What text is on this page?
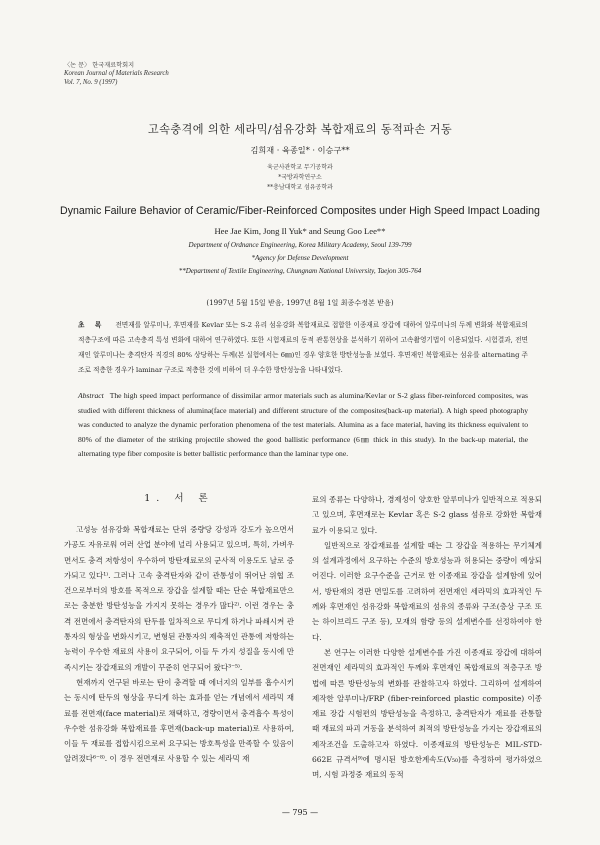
〈논 문〉 한국재료학회지
Korean Journal of Materials Research
Vol. 7, No. 9 (1997)
고속충격에 의한 세라믹/섬유강화 복합재료의 동적파손 거동
김희재 · 육종일* · 이승구**
육군사관학교 무기공학과
*국방과학연구소
**충남대학교 섬유공학과
Dynamic Failure Behavior of Ceramic/Fiber-Reinforced Composites under High Speed Impact Loading
Hee Jae Kim, Jong Il Yuk* and Seung Goo Lee**
Department of Ordnance Engineering, Korea Military Academy, Seoul 139-799
*Agency for Defense Development
**Department of Textile Engineering, Chungnam National University, Taejon 305-764
(1997년 5월 15일 받음, 1997년 8월 1일 최종수정본 받음)
초 록 전면재를 알루미나, 후면재를 Kevlar 또는 S-2 유리 섬유강화 복합재료로 접합한 이종재료 장갑에 대하여 알루미나의 두께 변화와 복합재료의 적층구조에 따른 고속충격 특성 변화에 대하여 연구하였다. 또한 시험재료의 동적 관통현상을 분석하기 위하여 고속촬영기법이 이용되었다. 시험결과, 전면재인 알루미나는 충격탄자 직경의 80% 상당하는 두께(본 실험에서는 6㎜)인 경우 양호한 방탄성능을 보였다. 후면재인 복합재료는 섬유를 alternating 주조로 적층한 경우가 laminar 구조로 적층한 것에 비하여 더 우수한 방탄성능을 나타내었다.
Abstract The high speed impact performance of dissimilar armor materials such as alumina/Kevlar or S-2 glass fiber-reinforced composites, was studied with different thickness of alumina(face material) and different structure of the composites(back-up material). A high speed photography was conducted to analyze the dynamic perforation phenomena of the test materials. Alumina as a face material, having its thickness equivalent to 80% of the diameter of the striking projectile showed the good ballistic performance (6㎜ thick in this study). In the back-up material, the alternating type fiber composite is better ballistic performance than the laminar type one.
1. 서 론

고성능 섬유강화 복합재료는 단위 중량당 강성과 강도가 높으면서 가공도 자유로워 여러 산업 분야에 널리 사용되고 있으며, 특히, 가벼우면서도 충격 저항성이 우수하여 방탄재료로의 군사적 이용도도 날로 증가되고 있다¹⁾. 그러나 고속 충격탄자와 같이 관통성이 뛰어난 위협 조건으로부터의 방호를 목적으로 장갑을 설계할 때는 단순 복합재료만으로는 충분한 방탄성능을 가지지 못하는 경우가 많다²⁾. 이런 경우는 충격 전면에서 충격탄자의 탄두를 일차적으로 무디게 하거나 파쇄시켜 관통자의 형상을 변화시키고, 변형된 관통자의 제축적인 관통에 저항하는 능력이 우수한 재료의 사용이 요구되어, 이들 두 가지 성질을 동시에 만족시키는 장갑재료의 개발이 꾸준히 연구되어 왔다³⁻⁵⁾.

현재까지 연구된 바로는 탄이 충격할 때 에너지의 일부를 흡수시키는 동시에 탄두의 형상을 무디게 하는 효과를 얻는 개념에서 세라믹 재료를 전면재(face material)로 채택하고, 경량이면서 충격흡수 특성이 우수한 섬유강화 복합재료를 후면재(back-up material)로 사용하여, 이들 두 재료를 접합시킴으로써 요구되는 방호특성을 만족할 수 있음이 알려졌다⁶⁻⁸⁾. 이 경우 전면재로 사용할 수 있는 세라믹 재

료의 종류는 다양하나, 경제성이 양호한 알루미나가 일반적으로 적용되고 있으며, 후면재로는 Kevlar 혹은 S-2 glass 섬유로 강화한 복합재료가 이용되고 있다.

일반적으로 장갑재료를 설계할 때는 그 장갑을 적용하는 무기체계의 설계과정에서 요구하는 수준의 방호성능과 허용되는 중량이 예상되어진다. 이러한 요구수준을 근거로 한 이종재료 장갑을 설계함에 있어서, 방탄재의 경판 면밀도를 고려하여 전면재인 세라믹의 효과적인 두께와 후면재인 섬유강화 복합재료의 섬유의 종류와 구조(층상 구조 또는 하이브리드 구조 등), 모재의 함량 등의 설계변수를 선정하여야 한다.

본 연구는 이러한 다양한 설계변수를 가진 이종재료 장갑에 대하여 전면재인 세라믹의 효과적인 두께와 후면재인 복합재료의 적층구조 방법에 따른 방탄성능의 변화를 관찰하고자 하였다. 그리하여 설계하여 제작한 알루미나/FRP (fiber-reinforced plastic composite) 이종재료 장갑 시험편의 방탄성능을 측정하고, 충격탄자가 재료를 관통할 때 재료의 파괴 거동을 분석하여 최적의 방탄성능을 가지는 장갑재료의 제작조건을 도출하고자 하였다. 이종재료의 방탄성능은 MIL-STD-662E 규격서⁹⁾에 명시된 방호한계속도(V₅₀)를 측정하여 평가하였으며, 시험 과정중 재료의 동적

— 795 —
